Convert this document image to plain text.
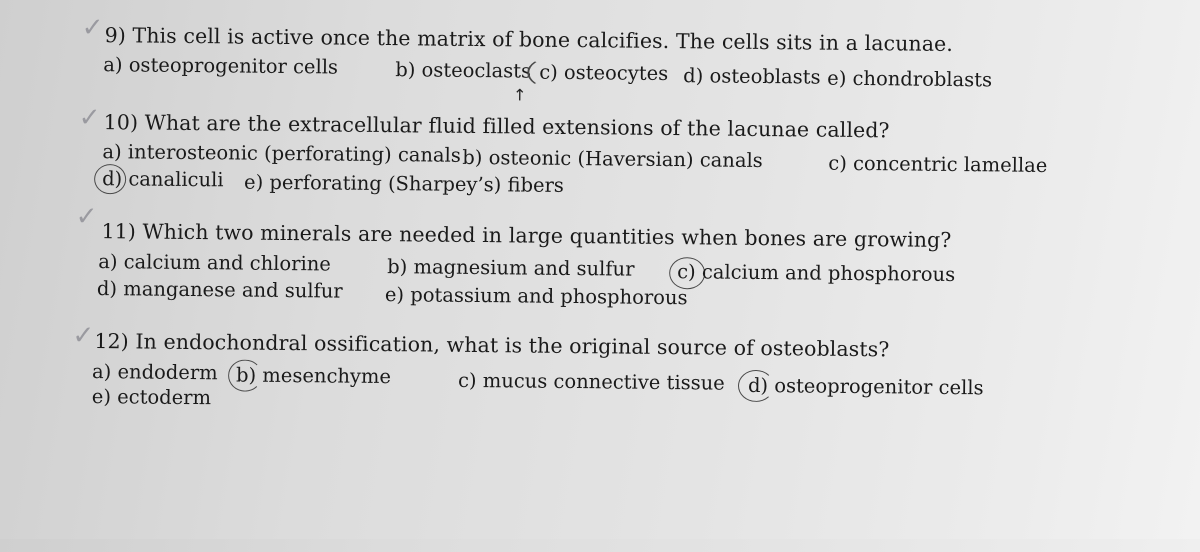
✓ 9) This cell is active once the matrix of bone calcifies. The cells sits in a lacunae.
a) osteoprogenitor cells	b) osteoclasts c) osteocytes d) osteoblasts e) chondroblasts
↑
✓ 10) What are the extracellular fluid filled extensions of the lacunae called?
a) interosteonic (perforating) canals b) osteonic (Haversian) canals	c) concentric lamellae
d) canaliculi e) perforating (Sharpey’s) fibers
✓
11) Which two minerals are needed in large quantities when bones are growing?
a) calcium and chlorine	b) magnesium and sulfur c) calcium and phosphorous
d) manganese and sulfur e) potassium and phosphorous
✓ 12) In endochondral ossification, what is the original source of osteoblasts?
a) endoderm b) mesenchyme	c) mucus connective tissue d) osteoprogenitor cells
e) ectoderm
